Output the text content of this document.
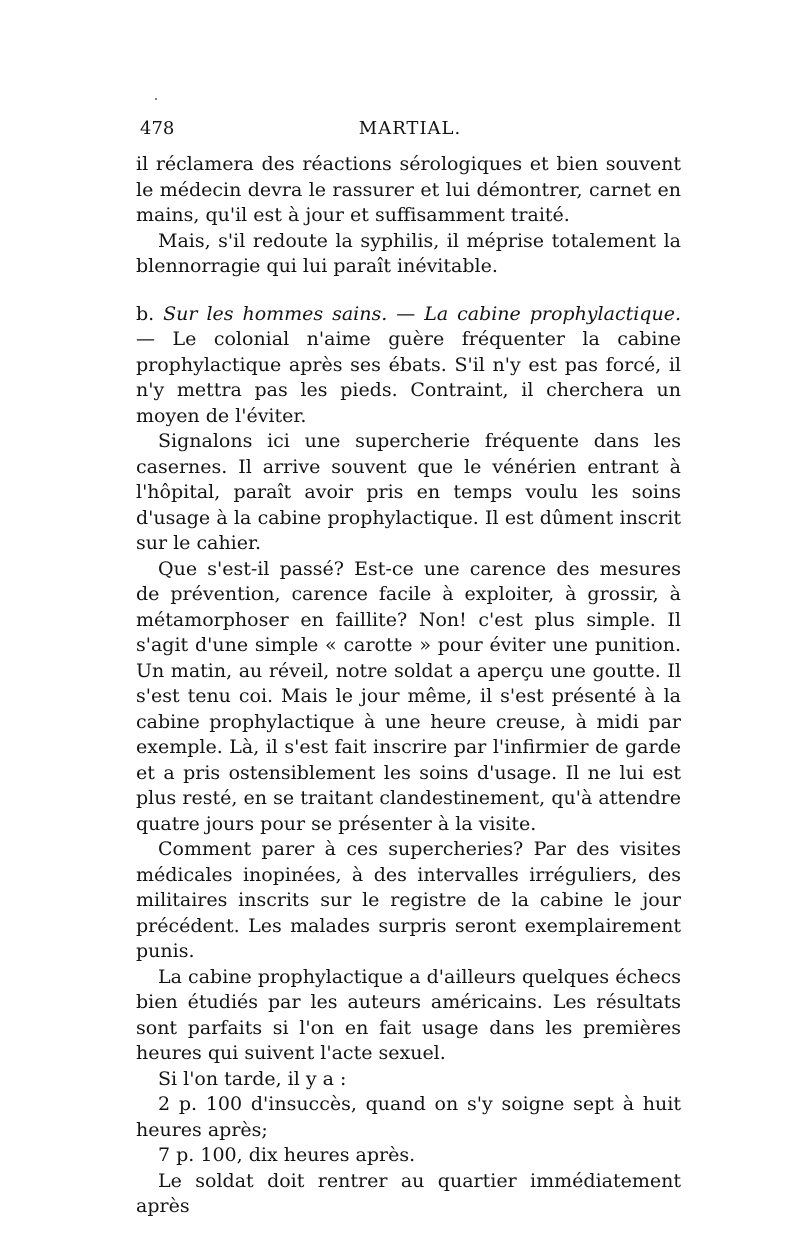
478	MARTIAL.

il réclamera des réactions sérologiques et bien souvent le médecin devra le rassurer et lui démontrer, carnet en mains, qu'il est à jour et suffisamment traité.

Mais, s'il redoute la syphilis, il méprise totalement la blennorragie qui lui paraît inévitable.

b. Sur les hommes sains. — La cabine prophylactique. — Le colonial n'aime guère fréquenter la cabine prophylactique après ses ébats. S'il n'y est pas forcé, il n'y mettra pas les pieds. Contraint, il cherchera un moyen de l'éviter.

Signalons ici une supercherie fréquente dans les casernes. Il arrive souvent que le vénérien entrant à l'hôpital, paraît avoir pris en temps voulu les soins d'usage à la cabine prophylactique. Il est dûment inscrit sur le cahier.

Que s'est-il passé? Est-ce une carence des mesures de prévention, carence facile à exploiter, à grossir, à métamorphoser en faillite? Non! c'est plus simple. Il s'agit d'une simple « carotte » pour éviter une punition. Un matin, au réveil, notre soldat a aperçu une goutte. Il s'est tenu coi. Mais le jour même, il s'est présenté à la cabine prophylactique à une heure creuse, à midi par exemple. Là, il s'est fait inscrire par l'infirmier de garde et a pris ostensiblement les soins d'usage. Il ne lui est plus resté, en se traitant clandestinement, qu'à attendre quatre jours pour se présenter à la visite.

Comment parer à ces supercheries? Par des visites médicales inopinées, à des intervalles irréguliers, des militaires inscrits sur le registre de la cabine le jour précédent. Les malades surpris seront exemplairement punis.

La cabine prophylactique a d'ailleurs quelques échecs bien étudiés par les auteurs américains. Les résultats sont parfaits si l'on en fait usage dans les premières heures qui suivent l'acte sexuel.

Si l'on tarde, il y a :

2 p. 100 d'insuccès, quand on s'y soigne sept à huit heures après;

7 p. 100, dix heures après.

Le soldat doit rentrer au quartier immédiatement après
